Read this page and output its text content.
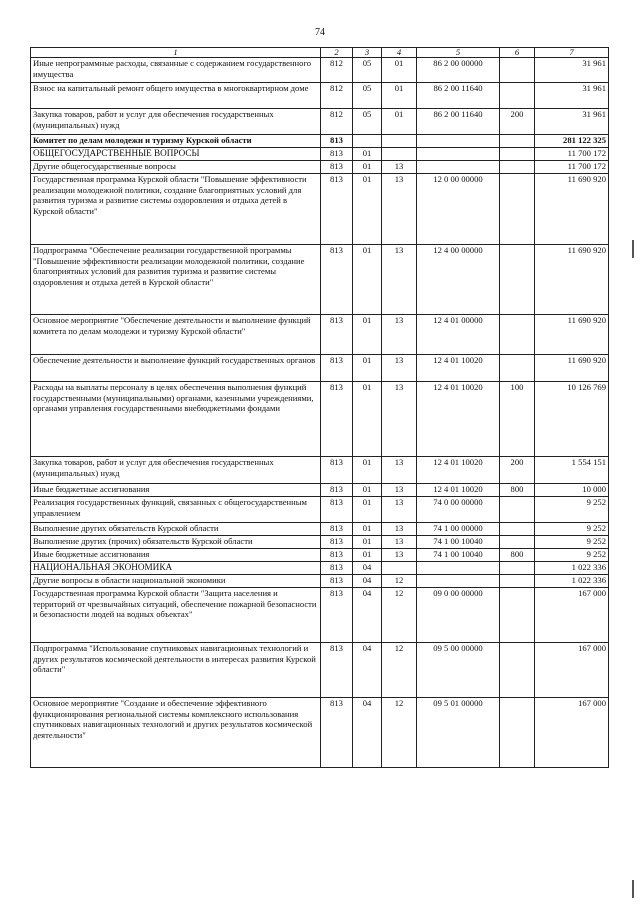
74
1	2	3	4	5	6	7
Иные непрограммные расходы, связанные с содержанием государственного имущества	812	05	01	86 2 00 00000		31 961
Взнос на капитальный ремонт общего имущества в многоквартирном доме	812	05	01	86 2 00 11640		31 961
Закупка товаров, работ и услуг для обеспечения государственных (муниципальных) нужд	812	05	01	86 2 00 11640	200	31 961
Комитет по делам молодежи и туризму Курской области	813					281 122 325
ОБЩЕГОСУДАРСТВЕННЫЕ ВОПРОСЫ	813	01				11 700 172
Другие общегосударственные вопросы	813	01	13			11 700 172
Государственная программа Курской области "Повышение эффективности реализации молодежной политики, создание благоприятных условий для развития туризма и развитие системы оздоровления и отдыха детей в Курской области"	813	01	13	12 0 00 00000		11 690 920
Подпрограмма "Обеспечение реализации государственной программы "Повышение эффективности реализации молодежной политики, создание благоприятных условий для развития туризма и развитие системы оздоровления и отдыха детей в Курской области"	813	01	13	12 4 00 00000		11 690 920
Основное мероприятие "Обеспечение деятельности и выполнение функций комитета по делам молодежи и туризму Курской области"	813	01	13	12 4 01 00000		11 690 920
Обеспечение деятельности и выполнение функций государственных органов	813	01	13	12 4 01 10020		11 690 920
Расходы на выплаты персоналу в целях обеспечения выполнения функций государственными (муниципальными) органами, казенными учреждениями, органами управления государственными внебюджетными фондами	813	01	13	12 4 01 10020	100	10 126 769
Закупка товаров, работ и услуг для обеспечения государственных (муниципальных) нужд	813	01	13	12 4 01 10020	200	1 554 151
Иные бюджетные ассигнования	813	01	13	12 4 01 10020	800	10 000
Реализация государственных функций, связанных с общегосударственным управлением	813	01	13	74 0 00 00000		9 252
Выполнение других обязательств Курской области	813	01	13	74 1 00 00000		9 252
Выполнение других (прочих) обязательств Курской области	813	01	13	74 1 00 10040		9 252
Иные бюджетные ассигнования	813	01	13	74 1 00 10040	800	9 252
НАЦИОНАЛЬНАЯ ЭКОНОМИКА	813	04				1 022 336
Другие вопросы в области национальной экономики	813	04	12			1 022 336
Государственная программа Курской области "Защита населения и территорий от чрезвычайных ситуаций, обеспечение пожарной безопасности и безопасности людей на водных объектах"	813	04	12	09 0 00 00000		167 000
Подпрограмма "Использование спутниковых навигационных технологий и других результатов космической деятельности в интересах развития Курской области"	813	04	12	09 5 00 00000		167 000
Основное мероприятие "Создание и обеспечение эффективного функционирования региональной системы комплексного использования спутниковых навигационных технологий и других результатов космической деятельности"	813	04	12	09 5 01 00000		167 000
